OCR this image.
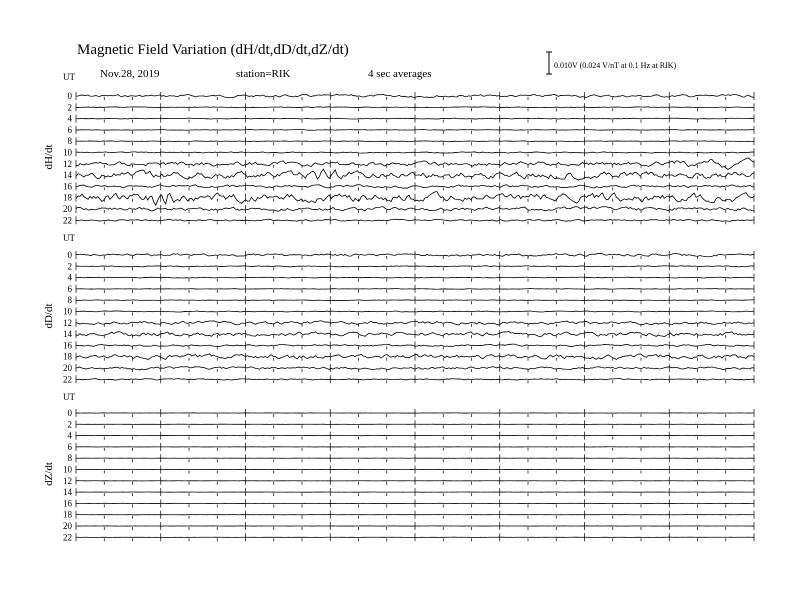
Magnetic Field Variation (dH/dt,dD/dt,dZ/dt)
Nov.28, 2019	station=RIK	4 sec averages
0.010V (0.024 V/nT at 0.1 Hz at RIK)
UT
dH/dt
0
2
4
6
8
10
12
14
16
18
20
22
UT
dD/dt
0
2
4
6
8
10
12
14
16
18
20
22
UT
dZ/dt
0
2
4
6
8
10
12
14
16
18
20
22
